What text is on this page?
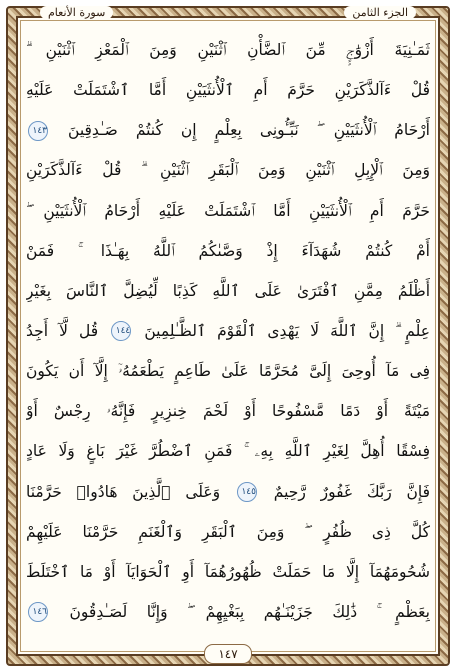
سورة الأنعام	الجزء الثامن
ثَمَـٰنِيَةَ أَزْوَٰجٍۭ مِّنَ ٱلضَّأْنِ ٱثْنَيْنِ وَمِنَ ٱلْمَعْزِ ٱثْنَيْنِ ۗ
قُلْ ءَآلذَّكَرَيْنِ حَرَّمَ أَمِ ٱلْأُنثَيَيْنِ أَمَّا ٱشْتَمَلَتْ عَلَيْهِ
أَرْحَامُ ٱلْأُنثَيَيْنِ ۖ نَبِّـُٔونِى بِعِلْمٍ إِن كُنتُمْ صَـٰدِقِينَ ١٤٣
وَمِنَ ٱلْإِبِلِ ٱثْنَيْنِ وَمِنَ ٱلْبَقَرِ ٱثْنَيْنِ ۗ قُلْ ءَآلذَّكَرَيْنِ
حَرَّمَ أَمِ ٱلْأُنثَيَيْنِ أَمَّا ٱشْتَمَلَتْ عَلَيْهِ أَرْحَامُ ٱلْأُنثَيَيْنِ ۖ
أَمْ كُنتُمْ شُهَدَآءَ إِذْ وَصَّىٰكُمُ ٱللَّهُ بِهَـٰذَا ۚ فَمَنْ
أَظْلَمُ مِمَّنِ ٱفْتَرَىٰ عَلَى ٱللَّهِ كَذِبًا لِّيُضِلَّ ٱلنَّاسَ بِغَيْرِ
عِلْمٍ ۗ إِنَّ ٱللَّهَ لَا يَهْدِى ٱلْقَوْمَ ٱلظَّـٰلِمِينَ ١٤٤ قُل لَّآ أَجِدُ
فِى مَآ أُوحِىَ إِلَىَّ مُحَرَّمًا عَلَىٰ طَاعِمٍ يَطْعَمُهُۥٓ إِلَّآ أَن يَكُونَ
مَيْتَةً أَوْ دَمًا مَّسْفُوحًا أَوْ لَحْمَ خِنزِيرٍ فَإِنَّهُۥ رِجْسٌ أَوْ
فِسْقًا أُهِلَّ لِغَيْرِ ٱللَّهِ بِهِۦ ۚ فَمَنِ ٱضْطُرَّ غَيْرَ بَاغٍ وَلَا عَادٍ
فَإِنَّ رَبَّكَ غَفُورٌ رَّحِيمٌ ١٤٥ وَعَلَى ٱلَّذِينَ هَادُوا۟ حَرَّمْنَا
كُلَّ ذِى ظُفُرٍ ۖ وَمِنَ ٱلْبَقَرِ وَٱلْغَنَمِ حَرَّمْنَا عَلَيْهِمْ
شُحُومَهُمَآ إِلَّا مَا حَمَلَتْ ظُهُورُهُمَآ أَوِ ٱلْحَوَايَآ أَوْ مَا ٱخْتَلَطَ
بِعَظْمٍ ۚ ذَٰلِكَ جَزَيْنَـٰهُم بِبَغْيِهِمْ ۖ وَإِنَّا لَصَـٰدِقُونَ ١٤٦
١٤٧
